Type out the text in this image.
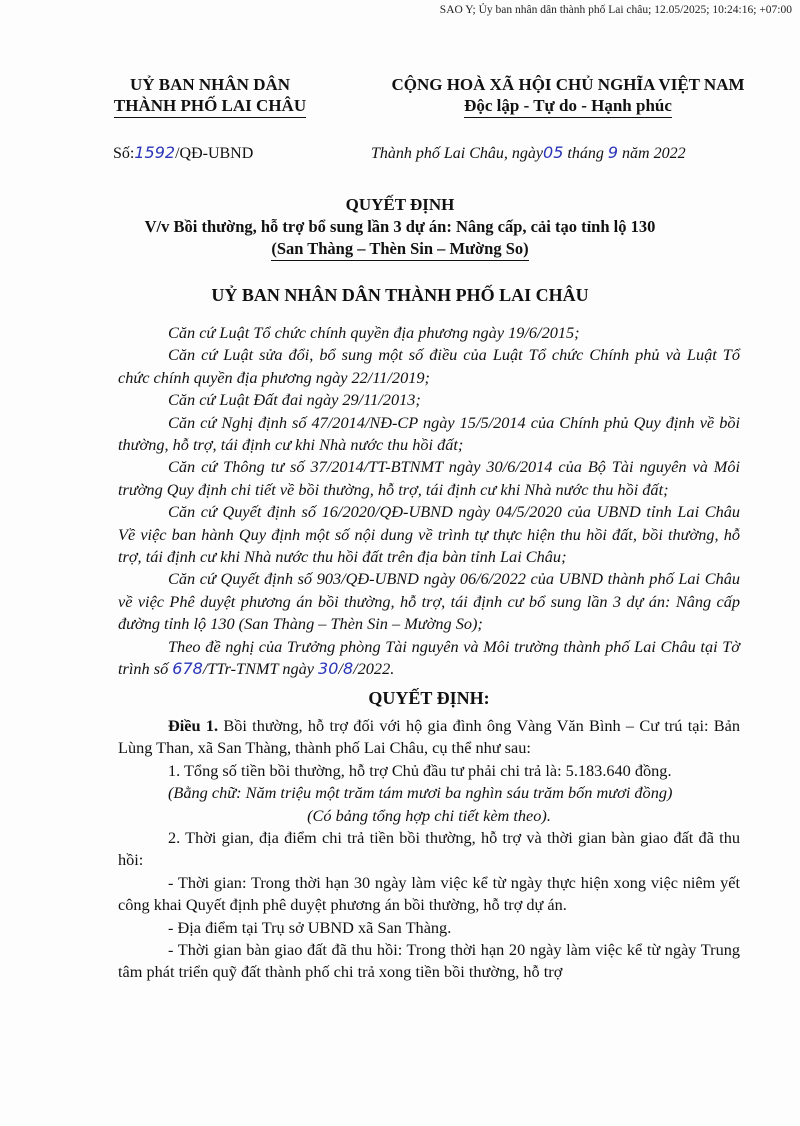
SAO Y; Ủy ban nhân dân thành phố Lai châu; 12.05/2025; 10:24:16; +07:00
UỶ BAN NHÂN DÂN
THÀNH PHỐ LAI CHÂU
CỘNG HOÀ XÃ HỘI CHỦ NGHĨA VIỆT NAM
Độc lập - Tự do - Hạnh phúc
Số:1592/QĐ-UBND	Thành phố Lai Châu, ngày05 tháng 9 năm 2022
QUYẾT ĐỊNH
V/v Bồi thường, hỗ trợ bổ sung lần 3 dự án: Nâng cấp, cải tạo tỉnh lộ 130
(San Thàng – Thèn Sin – Mường So)
UỶ BAN NHÂN DÂN THÀNH PHỐ LAI CHÂU

Căn cứ Luật Tổ chức chính quyền địa phương ngày 19/6/2015;

Căn cứ Luật sửa đổi, bổ sung một số điều của Luật Tổ chức Chính phủ và Luật Tổ chức chính quyền địa phương ngày 22/11/2019;

Căn cứ Luật Đất đai ngày 29/11/2013;

Căn cứ Nghị định số 47/2014/NĐ-CP ngày 15/5/2014 của Chính phủ Quy định về bồi thường, hỗ trợ, tái định cư khi Nhà nước thu hồi đất;

Căn cứ Thông tư số 37/2014/TT-BTNMT ngày 30/6/2014 của Bộ Tài nguyên và Môi trường Quy định chi tiết về bồi thường, hỗ trợ, tái định cư khi Nhà nước thu hồi đất;

Căn cứ Quyết định số 16/2020/QĐ-UBND ngày 04/5/2020 của UBND tỉnh Lai Châu Về việc ban hành Quy định một số nội dung về trình tự thực hiện thu hồi đất, bồi thường, hỗ trợ, tái định cư khi Nhà nước thu hồi đất trên địa bàn tỉnh Lai Châu;

Căn cứ Quyết định số 903/QĐ-UBND ngày 06/6/2022 của UBND thành phố Lai Châu về việc Phê duyệt phương án bồi thường, hỗ trợ, tái định cư bổ sung lần 3 dự án: Nâng cấp đường tỉnh lộ 130 (San Thàng – Thèn Sin – Mường So);

Theo đề nghị của Trưởng phòng Tài nguyên và Môi trường thành phố Lai Châu tại Tờ trình số 678/TTr-TNMT ngày 30/8/2022.

QUYẾT ĐỊNH:

Điều 1. Bồi thường, hỗ trợ đối với hộ gia đình ông Vàng Văn Bình – Cư trú tại: Bản Lùng Than, xã San Thàng, thành phố Lai Châu, cụ thể như sau:

1. Tổng số tiền bồi thường, hỗ trợ Chủ đầu tư phải chi trả là: 5.183.640 đồng.

(Bằng chữ: Năm triệu một trăm tám mươi ba nghìn sáu trăm bốn mươi đồng)

(Có bảng tổng hợp chi tiết kèm theo).

2. Thời gian, địa điểm chi trả tiền bồi thường, hỗ trợ và thời gian bàn giao đất đã thu hồi:

- Thời gian: Trong thời hạn 30 ngày làm việc kể từ ngày thực hiện xong việc niêm yết công khai Quyết định phê duyệt phương án bồi thường, hỗ trợ dự án.

- Địa điểm tại Trụ sở UBND xã San Thàng.

- Thời gian bàn giao đất đã thu hồi: Trong thời hạn 20 ngày làm việc kể từ ngày Trung tâm phát triển quỹ đất thành phố chi trả xong tiền bồi thường, hỗ trợ
